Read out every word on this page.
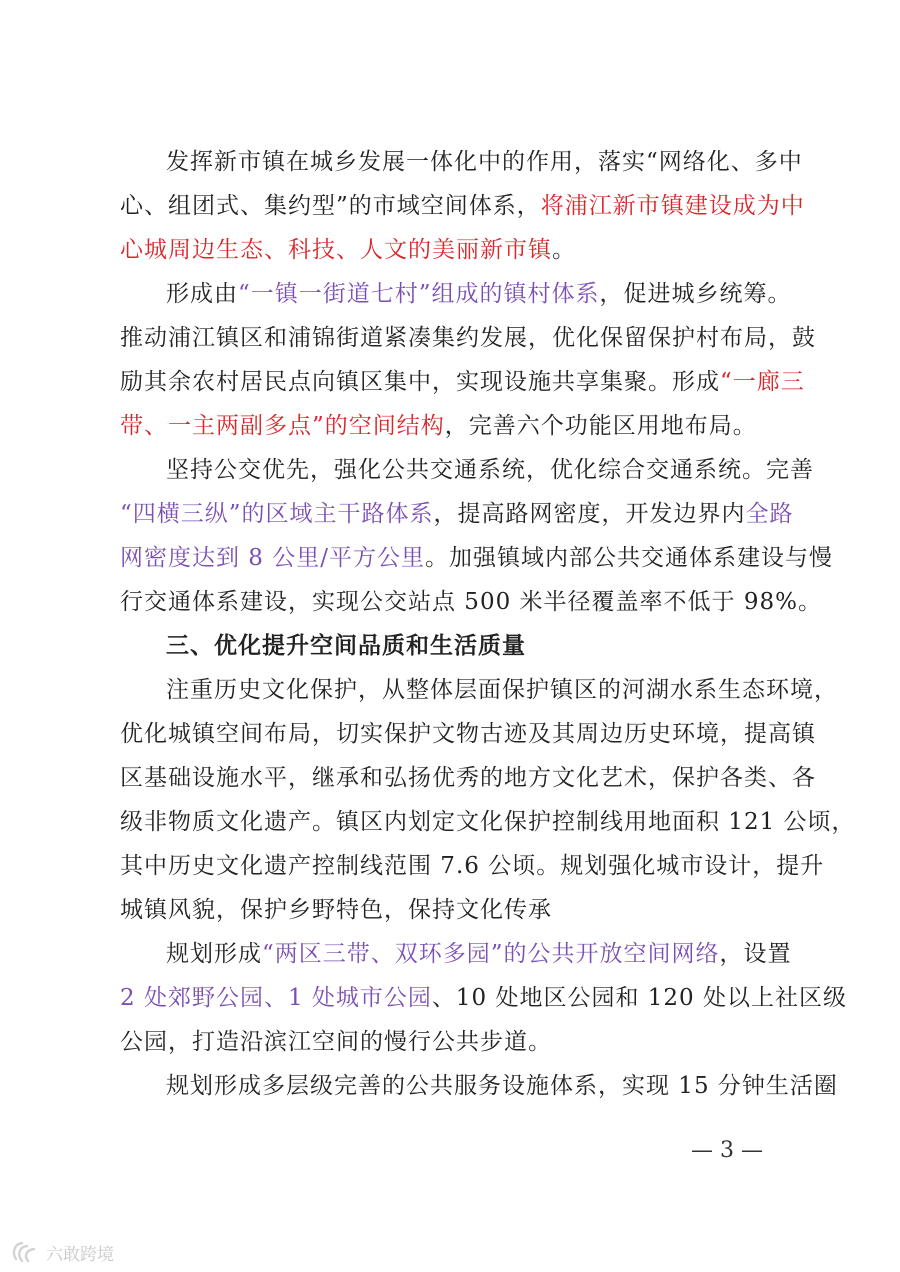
发挥新市镇在城乡发展一体化中的作用，落实“网络化、多中
心、组团式、集约型”的市域空间体系，将浦江新市镇建设成为中
心城周边生态、科技、人文的美丽新市镇。
形成由“一镇一街道七村”组成的镇村体系，促进城乡统筹。
推动浦江镇区和浦锦街道紧凑集约发展，优化保留保护村布局，鼓
励其余农村居民点向镇区集中，实现设施共享集聚。形成“一廊三
带、一主两副多点”的空间结构，完善六个功能区用地布局。
坚持公交优先，强化公共交通系统，优化综合交通系统。完善
“四横三纵”的区域主干路体系，提高路网密度，开发边界内全路
网密度达到 8 公里/平方公里。加强镇域内部公共交通体系建设与慢
行交通体系建设，实现公交站点 500 米半径覆盖率不低于 98%。
三、优化提升空间品质和生活质量
注重历史文化保护，从整体层面保护镇区的河湖水系生态环境，
优化城镇空间布局，切实保护文物古迹及其周边历史环境，提高镇
区基础设施水平，继承和弘扬优秀的地方文化艺术，保护各类、各
级非物质文化遗产。镇区内划定文化保护控制线用地面积 121 公顷，
其中历史文化遗产控制线范围 7.6 公顷。规划强化城市设计，提升
城镇风貌，保护乡野特色，保持文化传承
规划形成“两区三带、双环多园”的公共开放空间网络，设置
2 处郊野公园、1 处城市公园、10 处地区公园和 120 处以上社区级
公园，打造沿滨江空间的慢行公共步道。
规划形成多层级完善的公共服务设施体系，实现 15 分钟生活圈
— 3 —
六敢跨境
